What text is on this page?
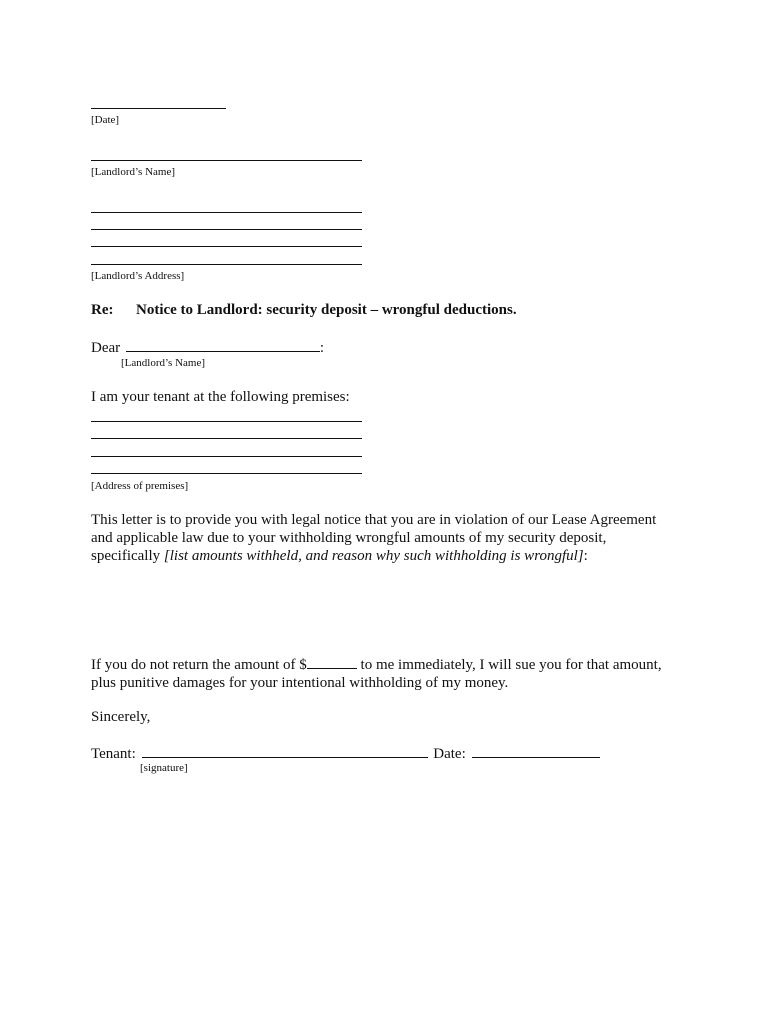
[Date]
[Landlord’s Name]
[Landlord’s Address]
Re: Notice to Landlord: security deposit – wrongful deductions.
Dear	:
[Landlord’s Name]
I am your tenant at the following premises:
[Address of premises]

This letter is to provide you with legal notice that you are in violation of our Lease Agreement

and applicable law due to your withholding wrongful amounts of my security deposit,

specifically [list amounts withheld, and reason why such withholding is wrongful]:

If you do not return the amount of $	to me immediately, I will sue you for that amount,

plus punitive damages for your intentional withholding of my money.

Sincerely,
Tenant:	Date:
[signature]
